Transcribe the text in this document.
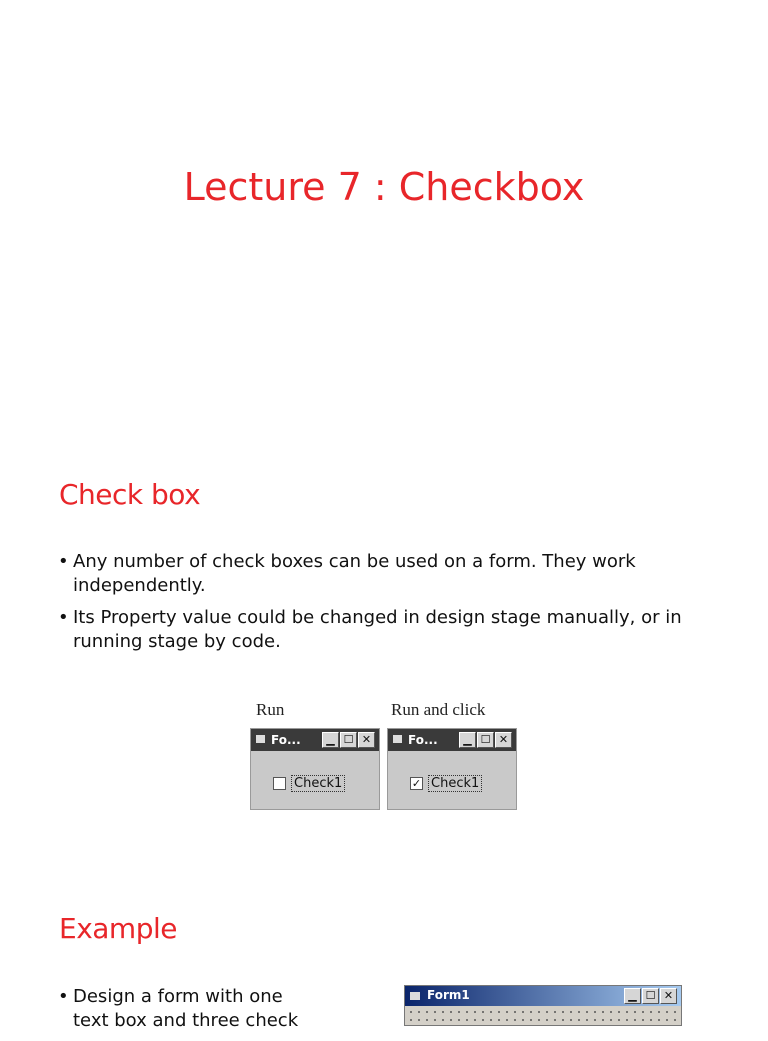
Lecture 7 : Checkbox
Check box
• Any number of check boxes can be used on a form. They work independently.
• Its Property value could be changed in design stage manually, or in running stage by code.
Run
Fo...	▁ ☐ ✕
Check1
Run and click
Fo...	▁ ☐ ✕
✓ Check1
Example
• Design a form with one text box and three check
Form1	▁ ☐ ✕
